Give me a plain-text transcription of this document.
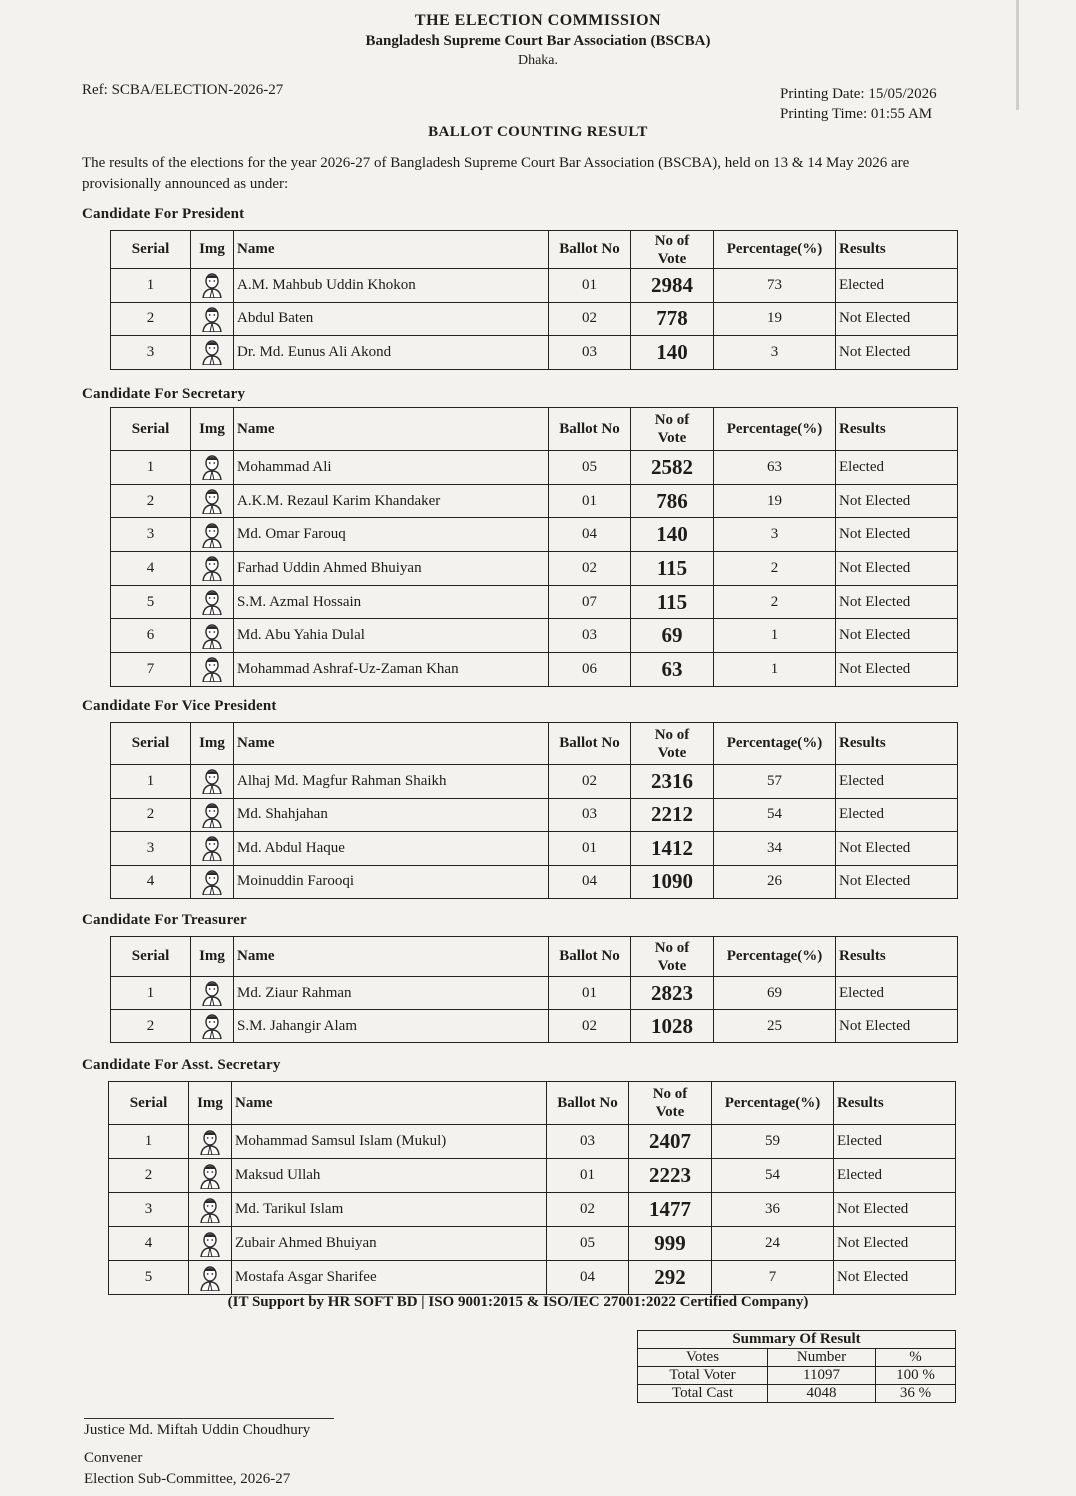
THE ELECTION COMMISSION
Bangladesh Supreme Court Bar Association (BSCBA)
Dhaka.
Ref: SCBA/ELECTION-2026-27	Printing Date: 15/05/2026
Printing Time: 01:55 AM
BALLOT COUNTING RESULT
The results of the elections for the year 2026-27 of Bangladesh Supreme Court Bar Association (BSCBA), held on 13 & 14 May 2026 are provisionally announced as under:
Candidate For President
Serial	Img	Name	Ballot No	No of Vote	Percentage(%)	Results
1		A.M. Mahbub Uddin Khokon	01	2984	73	Elected
2		Abdul Baten	02	778	19	Not Elected
3		Dr. Md. Eunus Ali Akond	03	140	3	Not Elected
Candidate For Secretary
Serial	Img	Name	Ballot No	No of Vote	Percentage(%)	Results
1		Mohammad Ali	05	2582	63	Elected
2		A.K.M. Rezaul Karim Khandaker	01	786	19	Not Elected
3		Md. Omar Farouq	04	140	3	Not Elected
4		Farhad Uddin Ahmed Bhuiyan	02	115	2	Not Elected
5		S.M. Azmal Hossain	07	115	2	Not Elected
6		Md. Abu Yahia Dulal	03	69	1	Not Elected
7		Mohammad Ashraf-Uz-Zaman Khan	06	63	1	Not Elected
Candidate For Vice President
Serial	Img	Name	Ballot No	No of Vote	Percentage(%)	Results
1		Alhaj Md. Magfur Rahman Shaikh	02	2316	57	Elected
2		Md. Shahjahan	03	2212	54	Elected
3		Md. Abdul Haque	01	1412	34	Not Elected
4		Moinuddin Farooqi	04	1090	26	Not Elected
Candidate For Treasurer
Serial	Img	Name	Ballot No	No of Vote	Percentage(%)	Results
1		Md. Ziaur Rahman	01	2823	69	Elected
2		S.M. Jahangir Alam	02	1028	25	Not Elected
Candidate For Asst. Secretary
Serial	Img	Name	Ballot No	No of Vote	Percentage(%)	Results
1		Mohammad Samsul Islam (Mukul)	03	2407	59	Elected
2		Maksud Ullah	01	2223	54	Elected
3		Md. Tarikul Islam	02	1477	36	Not Elected
4		Zubair Ahmed Bhuiyan	05	999	24	Not Elected
5		Mostafa Asgar Sharifee	04	292	7	Not Elected
(IT Support by HR SOFT BD | ISO 9001:2015 & ISO/IEC 27001:2022 Certified Company)
Summary Of Result		
Votes	Number	%
Total Voter	11097	100 %
Total Cast	4048	36 %
Justice Md. Miftah Uddin Choudhury
Convener
Election Sub-Committee, 2026-27
